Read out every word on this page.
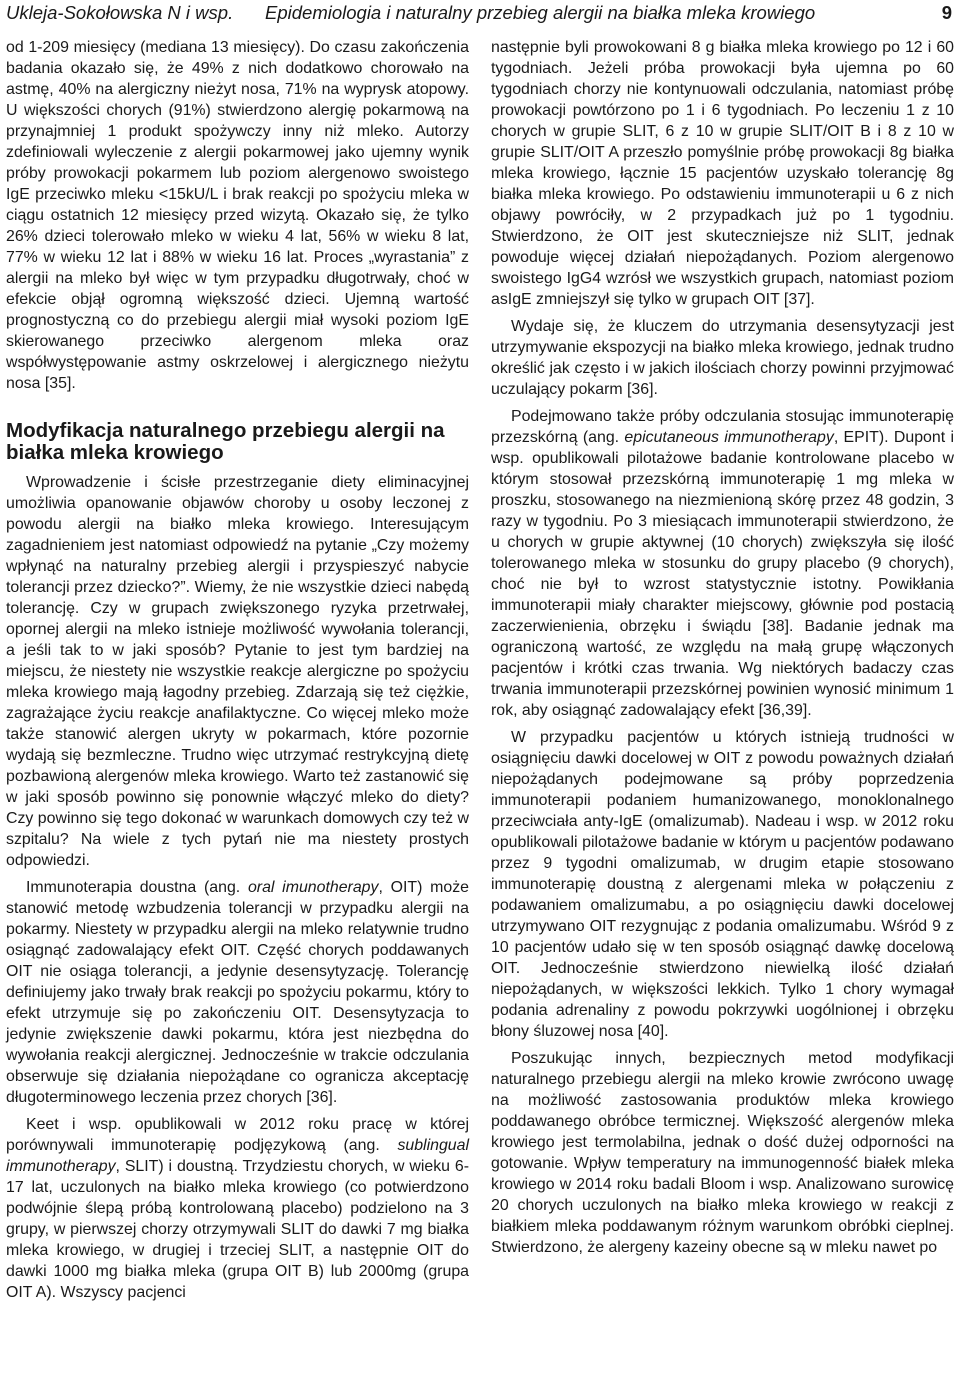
Ukleja-Sokołowska N i wsp. Epidemiologia i naturalny przebieg alergii na białka mleka krowiego	9

od 1-209 miesięcy (mediana 13 miesięcy). Do czasu zakończenia badania okazało się, że 49% z nich dodatkowo chorowało na astmę, 40% na alergiczny nieżyt nosa, 71% na wyprysk atopowy. U większości chorych (91%) stwierdzono alergię pokarmową na przynajmniej 1 produkt spożywczy inny niż mleko. Autorzy zdefiniowali wyleczenie z alergii pokarmowej jako ujemny wynik próby prowokacji pokarmem lub poziom alergenowo swoistego IgE przeciwko mleku <15kU/L i brak reakcji po spożyciu mleka w ciągu ostatnich 12 miesięcy przed wizytą. Okazało się, że tylko 26% dzieci tolerowało mleko w wieku 4 lat, 56% w wieku 8 lat, 77% w wieku 12 lat i 88% w wieku 16 lat. Proces „wyrastania” z alergii na mleko był więc w tym przypadku długotrwały, choć w efekcie objął ogromną większość dzieci. Ujemną wartość prognostyczną co do przebiegu alergii miał wysoki poziom IgE skierowanego przeciwko alergenom mleka oraz współwystępowanie astmy oskrzelowej i alergicznego nieżytu nosa [35].

Modyfikacja naturalnego przebiegu alergii na białka mleka krowiego

Wprowadzenie i ścisłe przestrzeganie diety eliminacyjnej umożliwia opanowanie objawów choroby u osoby leczonej z powodu alergii na białko mleka krowiego. Interesującym zagadnieniem jest natomiast odpowiedź na pytanie „Czy możemy wpłynąć na naturalny przebieg alergii i przyspieszyć nabycie tolerancji przez dziecko?”. Wiemy, że nie wszystkie dzieci nabędą tolerancję. Czy w grupach zwiększonego ryzyka przetrwałej, opornej alergii na mleko istnieje możliwość wywołania tolerancji, a jeśli tak to w jaki sposób? Pytanie to jest tym bardziej na miejscu, że niestety nie wszystkie reakcje alergiczne po spożyciu mleka krowiego mają łagodny przebieg. Zdarzają się też ciężkie, zagrażające życiu reakcje anafilaktyczne. Co więcej mleko może także stanowić alergen ukryty w pokarmach, które pozornie wydają się bezmleczne. Trudno więc utrzymać restrykcyjną dietę pozbawioną alergenów mleka krowiego. Warto też zastanowić się w jaki sposób powinno się ponownie włączyć mleko do diety? Czy powinno się tego dokonać w warunkach domowych czy też w szpitalu? Na wiele z tych pytań nie ma niestety prostych odpowiedzi.

Immunoterapia doustna (ang. oral imunotherapy, OIT) może stanowić metodę wzbudzenia tolerancji w przypadku alergii na pokarmy. Niestety w przypadku alergii na mleko relatywnie trudno osiągnąć zadowalający efekt OIT. Część chorych poddawanych OIT nie osiąga tolerancji, a jedynie desensytyzację. Tolerancję definiujemy jako trwały brak reakcji po spożyciu pokarmu, który to efekt utrzymuje się po zakończeniu OIT. Desensytyzacja to jedynie zwiększenie dawki pokarmu, która jest niezbędna do wywołania reakcji alergicznej. Jednocześnie w trakcie odczulania obserwuje się działania niepożądane co ogranicza akceptację długoterminowego leczenia przez chorych [36].

Keet i wsp. opublikowali w 2012 roku pracę w której porównywali immunoterapię podjęzykową (ang. sublingual immunotherapy, SLIT) i doustną. Trzydziestu chorych, w wieku 6-17 lat, uczulonych na białko mleka krowiego (co potwierdzono podwójnie ślepą próbą kontrolowaną placebo) podzielono na 3 grupy, w pierwszej chorzy otrzymywali SLIT do dawki 7 mg białka mleka krowiego, w drugiej i trzeciej SLIT, a następnie OIT do dawki 1000 mg białka mleka (grupa OIT B) lub 2000mg (grupa OIT A). Wszyscy pacjenci

następnie byli prowokowani 8 g białka mleka krowiego po 12 i 60 tygodniach. Jeżeli próba prowokacji była ujemna po 60 tygodniach chorzy nie kontynuowali odczulania, natomiast próbę prowokacji powtórzono po 1 i 6 tygodniach. Po leczeniu 1 z 10 chorych w grupie SLIT, 6 z 10 w grupie SLIT/OIT B i 8 z 10 w grupie SLIT/OIT A przeszło pomyślnie próbę prowokacji 8g białka mleka krowiego, łącznie 15 pacjentów uzyskało tolerancję 8g białka mleka krowiego. Po odstawieniu immunoterapii u 6 z nich objawy powróciły, w 2 przypadkach już po 1 tygodniu. Stwierdzono, że OIT jest skuteczniejsze niż SLIT, jednak powoduje więcej działań niepożądanych. Poziom alergenowo swoistego IgG4 wzrósł we wszystkich grupach, natomiast poziom asIgE zmniejszył się tylko w grupach OIT [37].

Wydaje się, że kluczem do utrzymania desensytyzacji jest utrzymywanie ekspozycji na białko mleka krowiego, jednak trudno określić jak często i w jakich ilościach chorzy powinni przyjmować uczulający pokarm [36].

Podejmowano także próby odczulania stosując immunoterapię przezskórną (ang. epicutaneous immunotherapy, EPIT). Dupont i wsp. opublikowali pilotażowe badanie kontrolowane placebo w którym stosował przezskórną immunoterapię 1 mg mleka w proszku, stosowanego na niezmienioną skórę przez 48 godzin, 3 razy w tygodniu. Po 3 miesiącach immunoterapii stwierdzono, że u chorych w grupie aktywnej (10 chorych) zwiększyła się ilość tolerowanego mleka w stosunku do grupy placebo (9 chorych), choć nie był to wzrost statystycznie istotny. Powikłania immunoterapii miały charakter miejscowy, głównie pod postacią zaczerwienienia, obrzęku i świądu [38]. Badanie jednak ma ograniczoną wartość, ze względu na małą grupę włączonych pacjentów i krótki czas trwania. Wg niektórych badaczy czas trwania immunoterapii przezskórnej powinien wynosić minimum 1 rok, aby osiągnąć zadowalający efekt [36,39].

W przypadku pacjentów u których istnieją trudności w osiągnięciu dawki docelowej w OIT z powodu poważnych działań niepożądanych podejmowane są próby poprzedzenia immunoterapii podaniem humanizowanego, monoklonalnego przeciwciała anty-IgE (omalizumab). Nadeau i wsp. w 2012 roku opublikowali pilotażowe badanie w którym u pacjentów podawano przez 9 tygodni omalizumab, w drugim etapie stosowano immunoterapię doustną z alergenami mleka w połączeniu z podawaniem omalizumabu, a po osiągnięciu dawki docelowej utrzymywano OIT rezygnując z podania omalizumabu. Wśród 9 z 10 pacjentów udało się w ten sposób osiągnąć dawkę docelową OIT. Jednocześnie stwierdzono niewielką ilość działań niepożądanych, w większości lekkich. Tylko 1 chory wymagał podania adrenaliny z powodu pokrzywki uogólnionej i obrzęku błony śluzowej nosa [40].

Poszukując innych, bezpiecznych metod modyfikacji naturalnego przebiegu alergii na mleko krowie zwrócono uwagę na możliwość zastosowania produktów mleka krowiego poddawanego obróbce termicznej. Większość alergenów mleka krowiego jest termolabilna, jednak o dość dużej odporności na gotowanie. Wpływ temperatury na immunogenność białek mleka krowiego w 2014 roku badali Bloom i wsp. Analizowano surowicę 20 chorych uczulonych na białko mleka krowiego w reakcji z białkiem mleka poddawanym różnym warunkom obróbki cieplnej. Stwierdzono, że alergeny kazeiny obecne są w mleku nawet po
